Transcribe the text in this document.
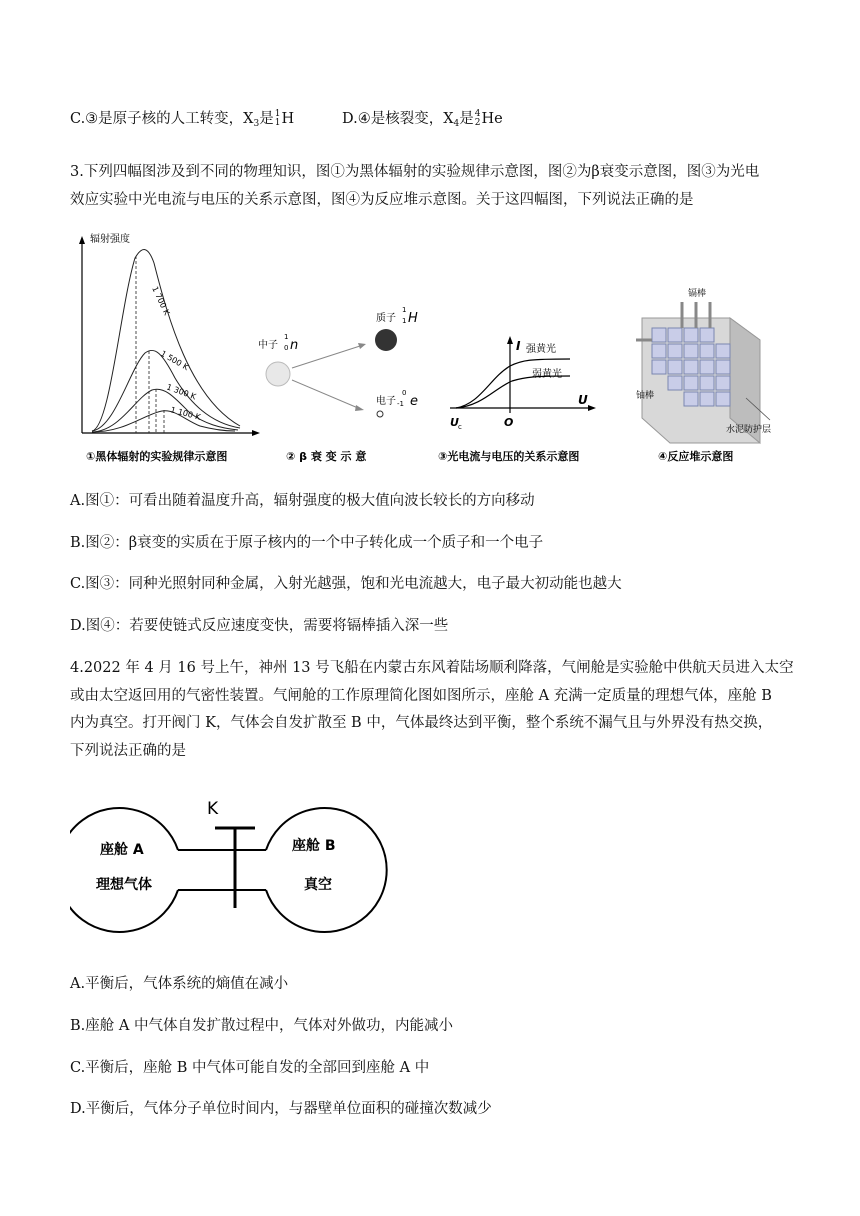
C.③是原子核的人工转变，$X_3$是 1
1 H	D.④是核裂变，$X_4$是 4
2 He
3.下列四幅图涉及到不同的物理知识，图①为黑体辐射的实验规律示意图，图②为β衰变示意图，图③为光电
效应实验中光电流与电压的关系示意图，图④为反应堆示意图。关于这四幅图，下列说法正确的是
辐射强度
1 700 K
1 500 K
1 300 K
1 100 K
①黑体辐射的实验规律示意图
中子
1
0 n
质子
1
1 H
电子
0
-1 e
② β 衰 变 示 意
I 强黄光
弱黄光
U
O
U c
③光电流与电压的关系示意图
镉棒
铀棒
水泥防护层
④反应堆示意图
A.图①：可看出随着温度升高，辐射强度的极大值向波长较长的方向移动
B.图②：β衰变的实质在于原子核内的一个中子转化成一个质子和一个电子
C.图③：同种光照射同种金属，入射光越强，饱和光电流越大，电子最大初动能也越大
D.图④：若要使链式反应速度变快，需要将镉棒插入深一些
4.2022 年 4 月 16 号上午，神州 13 号飞船在内蒙古东风着陆场顺利降落，气闸舱是实验舱中供航天员进入太空
或由太空返回用的气密性装置。气闸舱的工作原理简化图如图所示，座舱 A 充满一定质量的理想气体，座舱 B
内为真空。打开阀门 K，气体会自发扩散至 B 中，气体最终达到平衡，整个系统不漏气且与外界没有热交换，
下列说法正确的是
K
座舱 A
理想气体
座舱 B
真空
A.平衡后，气体系统的熵值在减小
B.座舱 A 中气体自发扩散过程中，气体对外做功，内能减小
C.平衡后，座舱 B 中气体可能自发的全部回到座舱 A 中
D.平衡后，气体分子单位时间内，与器壁单位面积的碰撞次数减少
